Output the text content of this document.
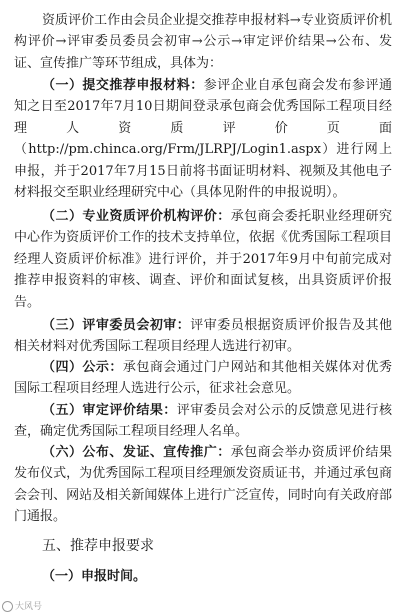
资质评价工作由会员企业提交推荐申报材料→专业资质评价机构评价→评审委员委员会初审→公示→审定评价结果→公布、发证、宣传推广等环节组成，具体为：

（一）提交推荐申报材料：参评企业自承包商会发布参评通知之日至2017年7月10日期间登录承包商会优秀国际工程项目经理人资质评价页面（http://pm.chinca.org/Frm/JLRPJ/Login1.aspx）进行网上申报，并于2017年7月15日前将书面证明材料、视频及其他电子材料报交至职业经理研究中心（具体见附件的申报说明）。

（二）专业资质评价机构评价：承包商会委托职业经理研究中心作为资质评价工作的技术支持单位，依据《优秀国际工程项目经理人资质评价标准》进行评价，并于2017年9月中旬前完成对推荐申报资料的审核、调查、评价和面试复核，出具资质评价报告。

（三）评审委员会初审：评审委员根据资质评价报告及其他相关材料对优秀国际工程项目经理人选进行初审。

（四）公示：承包商会通过门户网站和其他相关媒体对优秀国际工程项目经理人选进行公示，征求社会意见。

（五）审定评价结果：评审委员会对公示的反馈意见进行核查，确定优秀国际工程项目经理人名单。

（六）公布、发证、宣传推广：承包商会举办资质评价结果发布仪式，为优秀国际工程项目经理颁发资质证书，并通过承包商会会刊、网站及相关新闻媒体上进行广泛宣传，同时向有关政府部门通报。

五、推荐申报要求

（一）申报时间。

大风号
